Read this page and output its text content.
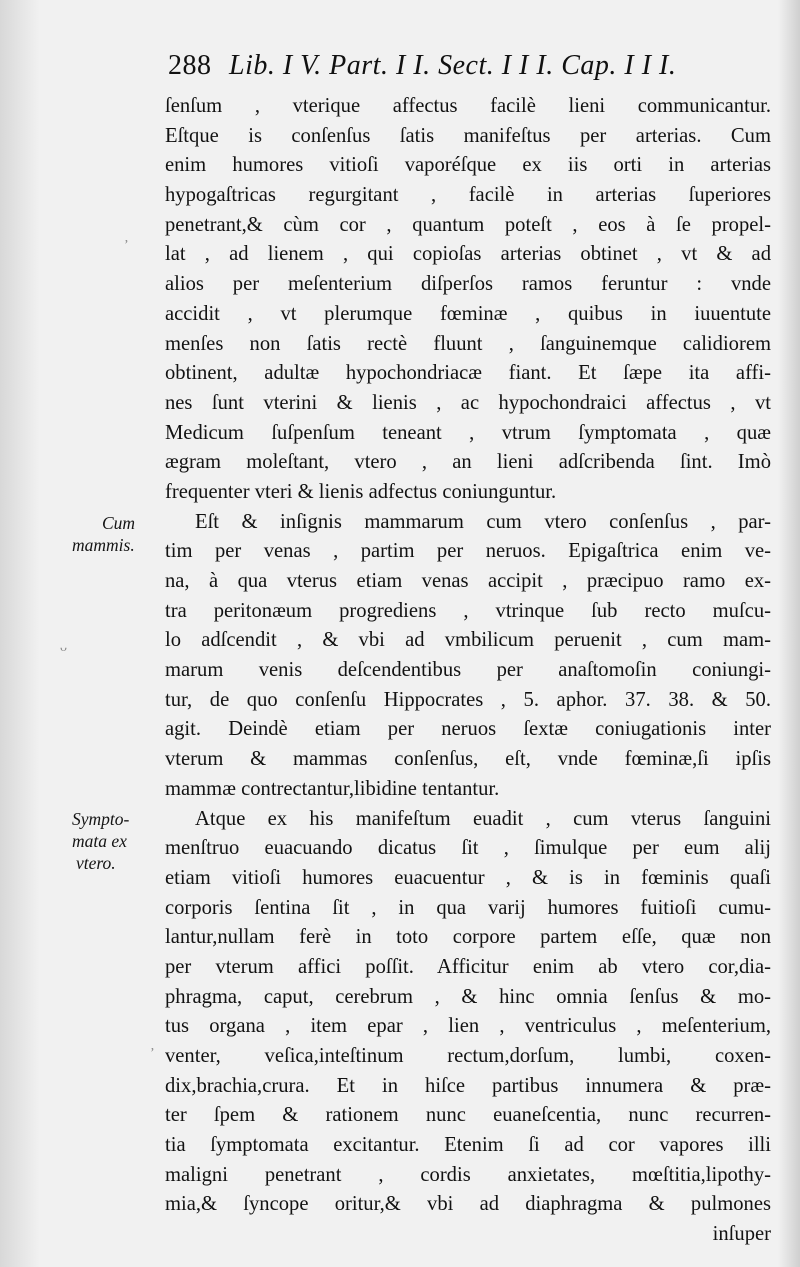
288 Lib. I V. Part. I I. Sect. I I I. Cap. I I I.
ſenſum , vterique affectus facilè lieni communicantur.
Eſtque is conſenſus ſatis manifeſtus per arterias. Cum
enim humores vitioſi vaporéſque ex iis orti in arterias
hypogaſtricas regurgitant , facilè in arterias ſuperiores
penetrant,& cùm cor , quantum poteſt , eos à ſe propel-
lat , ad lienem , qui copioſas arterias obtinet , vt & ad
alios per meſenterium diſperſos ramos feruntur : vnde
accidit , vt plerumque fœminæ , quibus in iuuentute
menſes non ſatis rectè fluunt , ſanguinemque calidiorem
obtinent, adultæ hypochondriacæ fiant. Et ſæpe ita affi-
nes ſunt vterini & lienis , ac hypochondraici affectus , vt
Medicum ſuſpenſum teneant , vtrum ſymptomata , quæ
ægram moleſtant, vtero , an lieni adſcribenda ſint. Imò
frequenter vteri & lienis adfectus coniunguntur.
Eſt & inſignis mammarum cum vtero conſenſus , par-
tim per venas , partim per neruos. Epigaſtrica enim ve-
na, à qua vterus etiam venas accipit , præcipuo ramo ex-
tra peritonæum progrediens , vtrinque ſub recto muſcu-
lo adſcendit , & vbi ad vmbilicum peruenit , cum mam-
marum venis deſcendentibus per anaſtomoſin coniungi-
tur, de quo conſenſu Hippocrates , 5. aphor. 37. 38. & 50.
agit. Deindè etiam per neruos ſextæ coniugationis inter
vterum & mammas conſenſus, eſt, vnde fœminæ,ſi ipſis
mammæ contrectantur,libidine tentantur.
Atque ex his manifeſtum euadit , cum vterus ſanguini
menſtruo euacuando dicatus ſit , ſimulque per eum alij
etiam vitioſi humores euacuentur , & is in fœminis quaſi
corporis ſentina ſit , in qua varij humores fuitioſi cumu-
lantur,nullam ferè in toto corpore partem eſſe, quæ non
per vterum affici poſſit. Afficitur enim ab vtero cor,dia-
phragma, caput, cerebrum , & hinc omnia ſenſus & mo-
tus organa , item epar , lien , ventriculus , meſenterium,
venter, veſica,inteſtinum rectum,dorſum, lumbi, coxen-
dix,brachia,crura. Et in hiſce partibus innumera & præ-
ter ſpem & rationem nunc euaneſcentia, nunc recurren-
tia ſymptomata excitantur. Etenim ſi ad cor vapores illi
maligni penetrant , cordis anxietates, mœſtitia,lipothy-
mia,& ſyncope oritur,& vbi ad diaphragma & pulmones
inſuper
Cum
mammis.
Sympto-
mata ex
vtero.
ʼ
ᴗ
ʼ
